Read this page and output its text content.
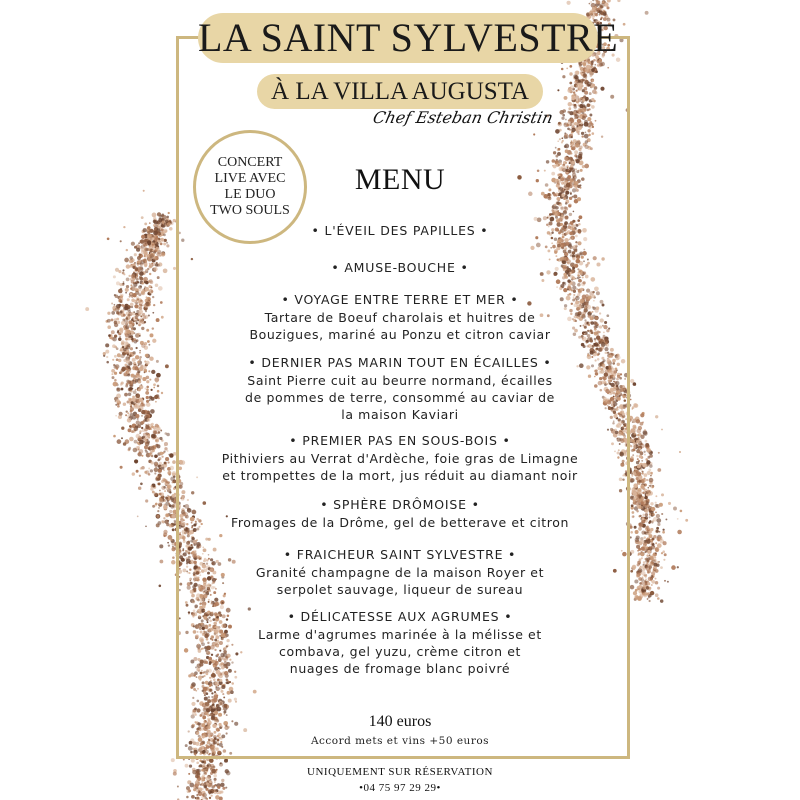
LA SAINT SYLVESTRE
À LA VILLA AUGUSTA
Chef Esteban Christin
CONCERT LIVE AVEC LE DUO TWO SOULS
MENU
• L'ÉVEIL DES PAPILLES •
• AMUSE-BOUCHE •
• VOYAGE ENTRE TERRE ET MER •
Tartare de Boeuf charolais et huitres de
Bouzigues, mariné au Ponzu et citron caviar
• DERNIER PAS MARIN TOUT EN ÉCAILLES •
Saint Pierre cuit au beurre normand, écailles
de pommes de terre, consommé au caviar de
la maison Kaviari
• PREMIER PAS EN SOUS-BOIS •
Pithiviers au Verrat d'Ardèche, foie gras de Limagne
et trompettes de la mort, jus réduit au diamant noir
• SPHÈRE DRÔMOISE •
Fromages de la Drôme, gel de betterave et citron
• FRAICHEUR SAINT SYLVESTRE •
Granité champagne de la maison Royer et
serpolet sauvage, liqueur de sureau
• DÉLICATESSE AUX AGRUMES •
Larme d'agrumes marinée à la mélisse et
combava, gel yuzu, crème citron et
nuages de fromage blanc poivré
140 euros
Accord mets et vins +50 euros
UNIQUEMENT SUR RÉSERVATION
•04 75 97 29 29•
